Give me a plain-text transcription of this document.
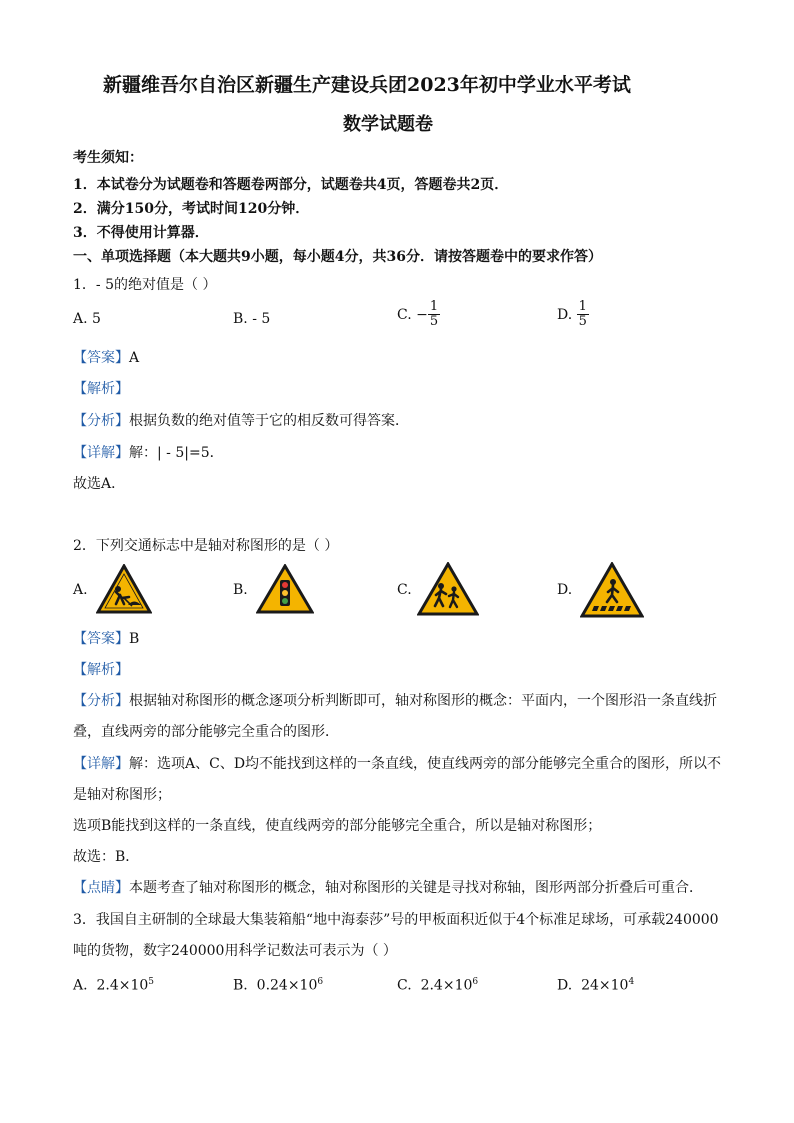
新疆维吾尔自治区新疆生产建设兵团2023年初中学业水平考试
数学试题卷
考生须知：
1．本试卷分为试题卷和答题卷两部分，试题卷共4页，答题卷共2页．
2．满分150分，考试时间120分钟．
3．不得使用计算器．
一、单项选择题（本大题共9小题，每小题4分，共36分．请按答题卷中的要求作答）
1．- 5的绝对值是（ ）
A. 5	B. - 5	C. − $\frac{1}{5}$	D. $\frac{1}{5}$
【答案】A
【解析】
【分析】根据负数的绝对值等于它的相反数可得答案．
【详解】解：| - 5|=5．
故选A．
2．下列交通标志中是轴对称图形的是（ ）
A.	B.	C.	D.
【答案】B
【解析】
【分析】根据轴对称图形的概念逐项分析判断即可，轴对称图形的概念：平面内，一个图形沿一条直线折
叠，直线两旁的部分能够完全重合的图形．
【详解】解：选项A、C、D均不能找到这样的一条直线，使直线两旁的部分能够完全重合的图形，所以不
是轴对称图形；
选项B能找到这样的一条直线，使直线两旁的部分能够完全重合，所以是轴对称图形；
故选：B．
【点睛】本题考查了轴对称图形的概念，轴对称图形的关键是寻找对称轴，图形两部分折叠后可重合．
3．我国自主研制的全球最大集装箱船“地中海泰莎”号的甲板面积近似于4个标准足球场，可承载240000
吨的货物，数字240000用科学记数法可表示为（ ）
A. $2.4\times 10^5$	B. $0.24\times 10^6$	C. $2.4\times 10^6$	D. $24\times 10^4$
